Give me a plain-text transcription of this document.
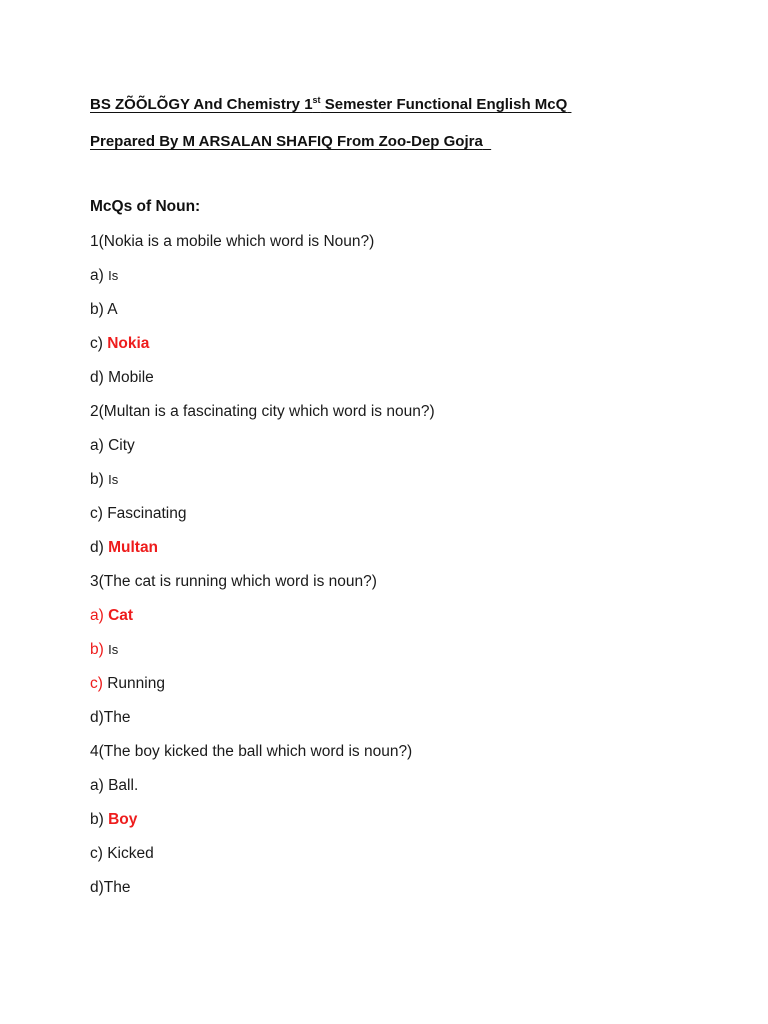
BS ZÕÕLÕGY And Chemistry 1st Semester Functional English McQ
Prepared By M ARSALAN SHAFIQ From Zoo-Dep Gojra
McQs of Noun:
1(Nokia is a mobile which word is Noun?)
a) Is
b) A
c) Nokia
d) Mobile
2(Multan is a fascinating city which word is noun?)
a) City
b) Is
c) Fascinating
d) Multan
3(The cat is running which word is noun?)
a) Cat
b) Is
c) Running
d)The
4(The boy kicked the ball which word is noun?)
a) Ball.
b) Boy
c) Kicked
d)The
